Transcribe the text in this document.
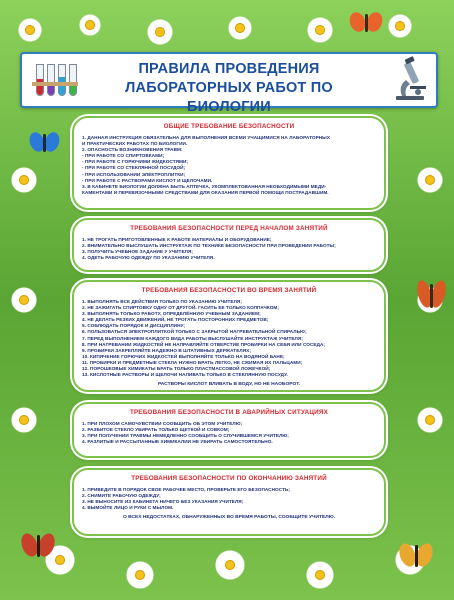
ПРАВИЛА ПРОВЕДЕНИЯ
ЛАБОРАТОРНЫХ РАБОТ ПО БИОЛОГИИ
ОБЩИЕ ТРЕБОВАНИЕ БЕЗОПАСНОСТИ
1. ДАННАЯ ИНСТРУКЦИЯ ОБЯЗАТЕЛЬНА ДЛЯ ВЫПОЛНЕНИЯ ВСЕМИ УЧАЩИМИСЯ НА ЛАБОРАТОРНЫХ
И ПРАКТИЧЕСКИХ РАБОТАХ ПО БИОЛОГИИ.
2. ОПАСНОСТЬ ВОЗНИКНОВЕНИЯ ТРАВМ:
- ПРИ РАБОТЕ СО СПИРТОВКАМИ;
- ПРИ РАБОТЕ С ГОРЮЧИМИ ЖИДКОСТЯМИ;
- ПРИ РАБОТЕ СО СТЕКЛЯННОЙ ПОСУДОЙ;
- ПРИ ИСПОЛЬЗОВАНИИ ЭЛЕКТРОПЛИТКИ;
- ПРИ РАБОТЕ С РАСТВОРАМИ КИСЛОТ И ЩЕЛОЧАМИ.
3. В КАБИНЕТЕ БИОЛОГИИ ДОЛЖНА БЫТЬ АПТЕЧКА, УКОМПЛЕКТОВАННАЯ НЕОБХОДИМЫМИ МЕДИ-
КАМЕНТАМИ И ПЕРЕВЯЗОЧНЫМИ СРЕДСТВАМИ ДЛЯ ОКАЗАНИЯ ПЕРВОЙ ПОМОЩИ ПОСТРАДАВШИМ.
ТРЕБОВАНИЯ БЕЗОПАСНОСТИ ПЕРЕД НАЧАЛОМ ЗАНЯТИЙ
1. НЕ ТРОГАТЬ ПРИГОТОВЛЕННЫЕ К РАБОТЕ МАТЕРИАЛЫ И ОБОРУДОВАНИЕ;
2. ВНИМАТЕЛЬНО ВЫСЛУШАТЬ ИНСТРУКТАЖ ПО ТЕХНИКЕ БЕЗОПАСНОСТИ ПРИ ПРОВЕДЕНИИ РАБОТЫ;
3. ПОЛУЧИТЬ УЧЕБНОЕ ЗАДАНИЕ У УЧИТЕЛЯ;
4. ОДЕТЬ РАБОЧУЮ ОДЕЖДУ ПО УКАЗАНИЮ УЧИТЕЛЯ.
ТРЕБОВАНИЯ БЕЗОПАСНОСТИ ВО ВРЕМЯ ЗАНЯТИЙ
1. ВЫПОЛНЯТЬ ВСЕ ДЕЙСТВИЯ ТОЛЬКО ПО УКАЗАНИЮ УЧИТЕЛЯ;
2. НЕ ЗАЖИГАТЬ СПИРТОВКУ ОДНУ ОТ ДРУГОЙ. ГАСИТЬ ЕЕ ТОЛЬКО КОЛПАЧКОМ;
3. ВЫПОЛНЯТЬ ТОЛЬКО РАБОТУ, ОПРЕДЕЛЁННУЮ УЧЕБНЫМ ЗАДАНИЕМ;
4. НЕ ДЕЛАТЬ РЕЗКИХ ДВИЖЕНИЙ, НЕ ТРОГАТЬ ПОСТОРОННИХ ПРЕДМЕТОВ;
5. СОБЛЮДАТЬ ПОРЯДОК И ДИСЦИПЛИНУ;
6. ПОЛЬЗОВАТЬСЯ ЭЛЕКТРОПЛИТКОЙ ТОЛЬКО С ЗАКРЫТОЙ НАГРЕВАТЕЛЬНОЙ СПИРАЛЬЮ;
7. ПЕРЕД ВЫПОЛНЕНИЕМ КАЖДОГО ВИДА РАБОТЫ ВЫСЛУШАЙТЕ ИНСТРУКТАЖ УЧИТЕЛЯ;
8. ПРИ НАГРЕВАНИИ ЖИДКОСТЕЙ НЕ НАПРАВЛЯЙТЕ ОТВЕРСТИЕ ПРОБИРКИ НА СЕБЯ ИЛИ СОСЕДА;
9. ПРОБИРКИ ЗАКРЕПЛЯЙТЕ НАДЕЖНО В ШТАТИВНЫХ ДЕРЖАТЕЛЯХ;
10. КИПЯЧЕНИЕ ГОРЮЧИХ ЖИДКОСТЕЙ ВЫПОЛНЯЙТЕ ТОЛЬКО НА ВОДЯНОЙ БАНЕ;
11. ПРОБИРКИ И ПРЕДМЕТНЫЕ СТЕКЛА НУЖНО БРАТЬ ЛЕГКО, НЕ СЖИМАЯ ИХ ПАЛЬЦАМИ;
12. ПОРОШКОВЫЕ ХИМИКАТЫ БРАТЬ ТОЛЬКО ПЛАСТМАССОВОЙ ЛОЖЕЧКОЙ;
13. КИСЛОТНЫЕ РАСТВОРЫ И ЩЕЛОЧИ НАЛИВАТЬ ТОЛЬКО В СТЕКЛЯННУЮ ПОСУДУ.
РАСТВОРЫ КИСЛОТ ВЛИВАТЬ В ВОДУ, НО НЕ НАОБОРОТ.
ТРЕБОВАНИЯ БЕЗОПАСНОСТИ В АВАРИЙНЫХ СИТУАЦИЯХ
1. ПРИ ПЛОХОМ САМОЧУВСТВИИ СООБЩИТЬ ОБ ЭТОМ УЧИТЕЛЮ;
2. РАЗБИТОЕ СТЕКЛО УБИРАТЬ ТОЛЬКО ЩЕТКОЙ И СОВКОМ;
3. ПРИ ПОЛУЧЕНИИ ТРАВМЫ НЕМЕДЛЕННО СООБЩИТЬ О СЛУЧИВШЕМСЯ УЧИТЕЛЮ;
4. РАЗЛИТЫЕ И РАССЫПАННЫЕ ХИМИКАЛИИ НЕ УБИРАТЬ САМОСТОЯТЕЛЬНО.
ТРЕБОВАНИЯ БЕЗОПАСНОСТИ ПО ОКОНЧАНИЮ ЗАНЯТИЙ
1. ПРИВЕДИТЕ В ПОРЯДОК СВОЕ РАБОЧЕЕ МЕСТО, ПРОВЕРЬТЕ ЕГО БЕЗОПАСНОСТЬ;
2. СНИМИТЕ РАБОЧУЮ ОДЕЖДУ;
3. НЕ ВЫНОСИТЕ ИЗ КАБИНЕТА НИЧЕГО БЕЗ УКАЗАНИЯ УЧИТЕЛЯ;
4. ВЫМОЙТЕ ЛИЦО И РУКИ С МЫЛОМ.
О ВСЕХ НЕДОСТАТКАХ, ОБНАРУЖЕННЫХ ВО ВРЕМЯ РАБОТЫ, СООБЩИТЕ УЧИТЕЛЮ.
